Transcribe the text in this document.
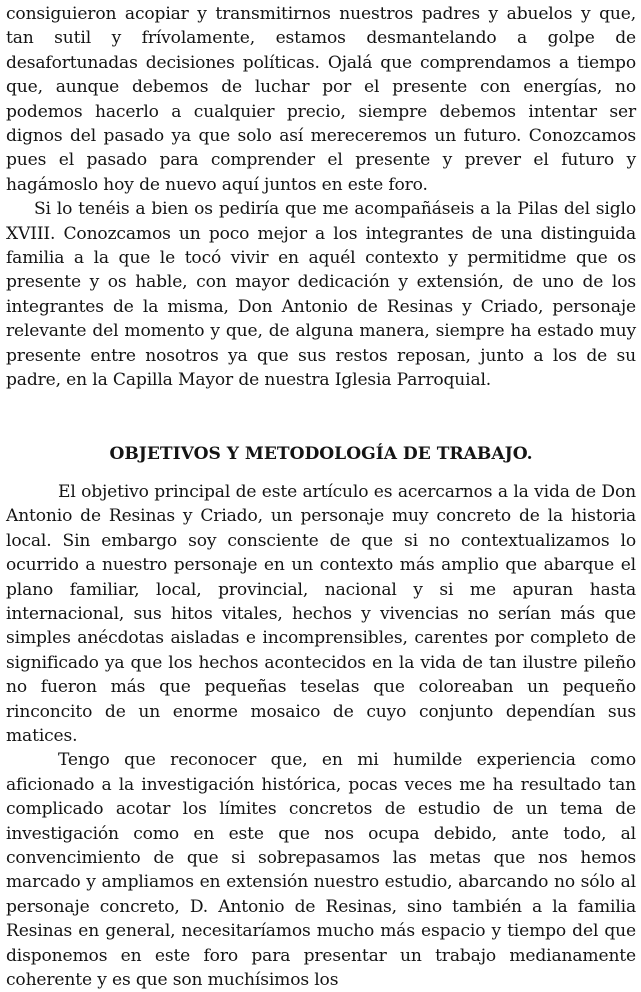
consiguieron acopiar y transmitirnos nuestros padres y abuelos y que, tan sutil y frívolamente, estamos desmantelando a golpe de desafortunadas decisiones políticas. Ojalá que comprendamos a tiempo que, aunque debemos de luchar por el presente con energías, no podemos hacerlo a cualquier precio, siempre debemos intentar ser dignos del pasado ya que solo así mereceremos un futuro. Conozcamos pues el pasado para comprender el presente y prever el futuro y hagámoslo hoy de nuevo aquí juntos en este foro.

Si lo tenéis a bien os pediría que me acompañáseis a la Pilas del siglo XVIII. Conozcamos un poco mejor a los integrantes de una distinguida familia a la que le tocó vivir en aquél contexto y permitidme que os presente y os hable, con mayor dedicación y extensión, de uno de los integrantes de la misma, Don Antonio de Resinas y Criado, personaje relevante del momento y que, de alguna manera, siempre ha estado muy presente entre nosotros ya que sus restos reposan, junto a los de su padre, en la Capilla Mayor de nuestra Iglesia Parroquial.

OBJETIVOS Y METODOLOGÍA DE TRABAJO.

El objetivo principal de este artículo es acercarnos a la vida de Don Antonio de Resinas y Criado, un personaje muy concreto de la historia local. Sin embargo soy consciente de que si no contextualizamos lo ocurrido a nuestro personaje en un contexto más amplio que abarque el plano familiar, local, provincial, nacional y si me apuran hasta internacional, sus hitos vitales, hechos y vivencias no serían más que simples anécdotas aisladas e incomprensibles, carentes por completo de significado ya que los hechos acontecidos en la vida de tan ilustre pileño no fueron más que pequeñas teselas que coloreaban un pequeño rinconcito de un enorme mosaico de cuyo conjunto dependían sus matices.

Tengo que reconocer que, en mi humilde experiencia como aficionado a la investigación histórica, pocas veces me ha resultado tan complicado acotar los límites concretos de estudio de un tema de investigación como en este que nos ocupa debido, ante todo, al convencimiento de que si sobrepasamos las metas que nos hemos marcado y ampliamos en extensión nuestro estudio, abarcando no sólo al personaje concreto, D. Antonio de Resinas, sino también a la familia Resinas en general, necesitaríamos mucho más espacio y tiempo del que disponemos en este foro para presentar un trabajo medianamente coherente y es que son muchísimos los
